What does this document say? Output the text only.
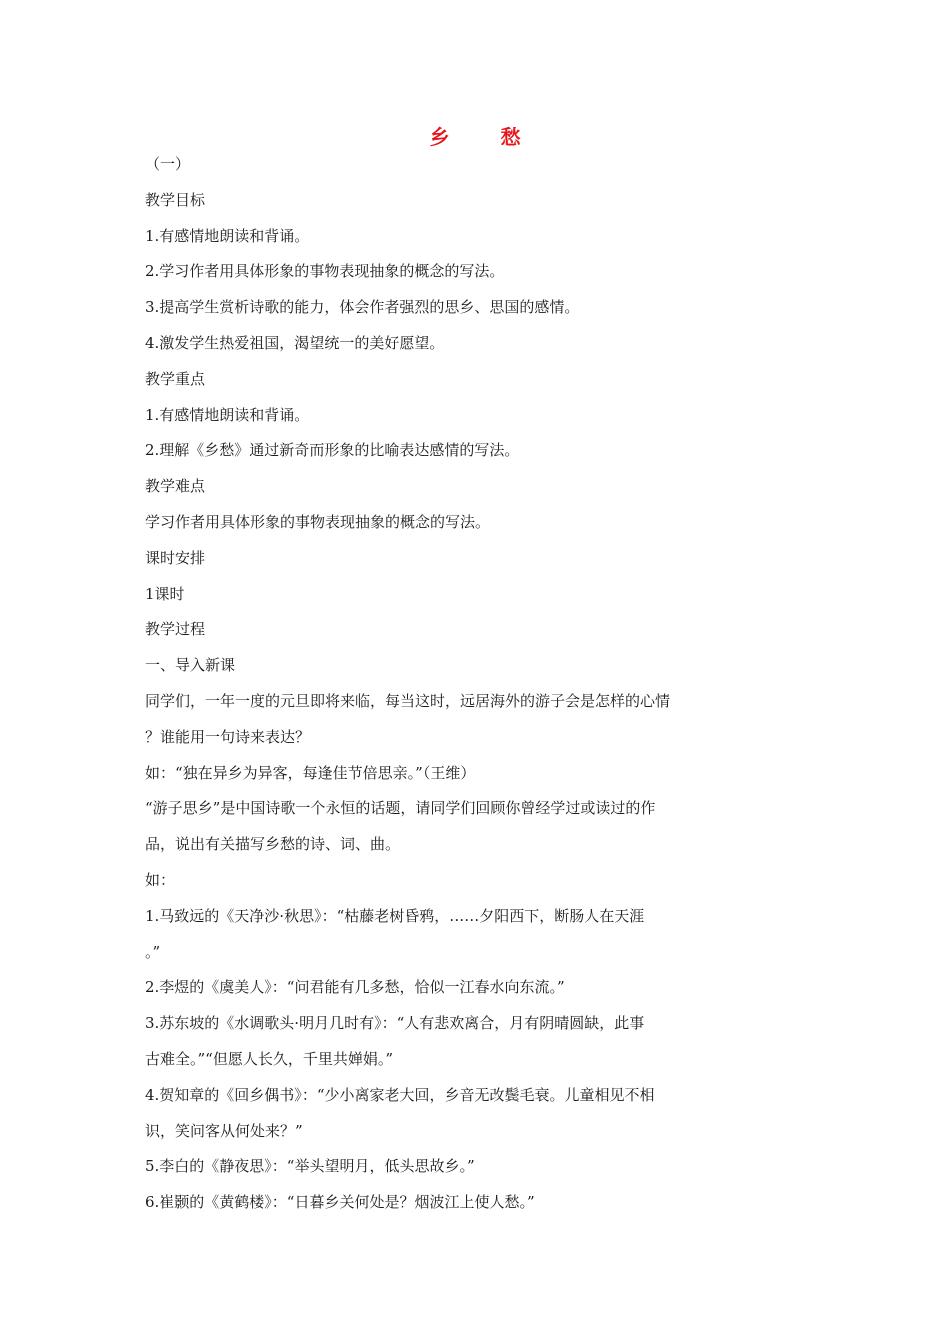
乡 愁
（一）
教学目标
1.有感情地朗读和背诵。
2.学习作者用具体形象的事物表现抽象的概念的写法。
3.提高学生赏析诗歌的能力，体会作者强烈的思乡、思国的感情。
4.激发学生热爱祖国，渴望统一的美好愿望。
教学重点
1.有感情地朗读和背诵。
2.理解《乡愁》通过新奇而形象的比喻表达感情的写法。
教学难点
学习作者用具体形象的事物表现抽象的概念的写法。
课时安排
1课时
教学过程
一、导入新课
同学们，一年一度的元旦即将来临，每当这时，远居海外的游子会是怎样的心情
？谁能用一句诗来表达？
如：“独在异乡为异客，每逢佳节倍思亲。”（王维）
“游子思乡”是中国诗歌一个永恒的话题，请同学们回顾你曾经学过或读过的作
品，说出有关描写乡愁的诗、词、曲。
如：
1.马致远的《天净沙·秋思》：“枯藤老树昏鸦，……夕阳西下，断肠人在天涯
。”
2.李煜的《虞美人》：“问君能有几多愁，恰似一江春水向东流。”
3.苏东坡的《水调歌头·明月几时有》：“人有悲欢离合，月有阴晴圆缺，此事
古难全。”“但愿人长久，千里共婵娟。”
4.贺知章的《回乡偶书》：“少小离家老大回，乡音无改鬓毛衰。儿童相见不相
识，笑问客从何处来？”
5.李白的《静夜思》：“举头望明月，低头思故乡。”
6.崔颢的《黄鹤楼》：“日暮乡关何处是？烟波江上使人愁。”
